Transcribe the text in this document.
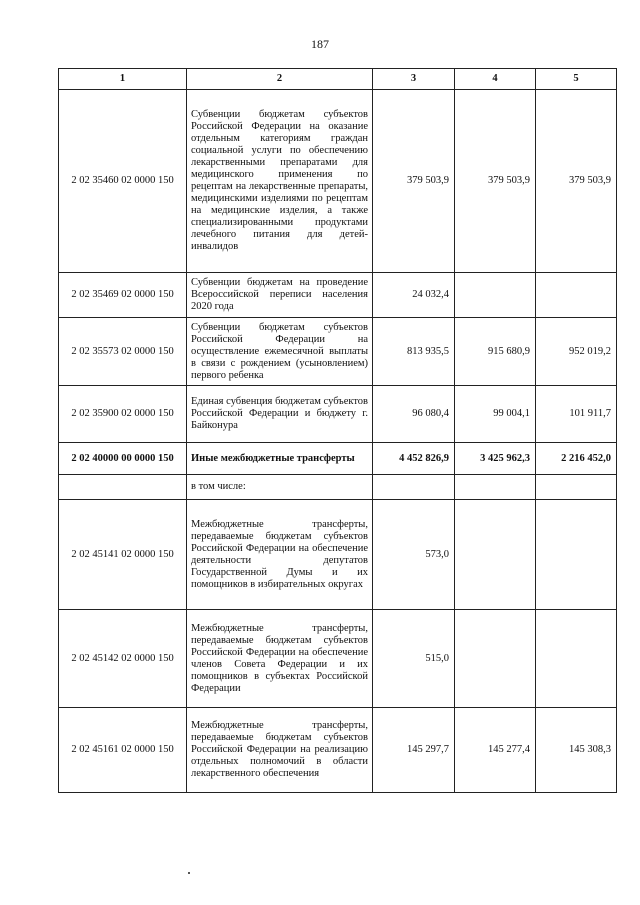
187
1	2	3	4	5
2 02 35460 02 0000 150	Субвенции бюджетам субъектов Российской Федерации на оказание отдельным категориям граждан социальной услуги по обеспечению лекарственными препаратами для медицинского применения по рецептам на лекарственные препараты, медицинскими изделиями по рецептам на медицинские изделия, а также специализированными продуктами лечебного питания для детей-инвалидов	379 503,9	379 503,9	379 503,9
2 02 35469 02 0000 150	Субвенции бюджетам на проведение Всероссийской переписи населения 2020 года	24 032,4		
2 02 35573 02 0000 150	Субвенции бюджетам субъектов Российской Федерации на осуществление ежемесячной выплаты в связи с рождением (усыновлением) первого ребенка	813 935,5	915 680,9	952 019,2
2 02 35900 02 0000 150	Единая субвенция бюджетам субъектов Российской Федерации и бюджету г. Байконура	96 080,4	99 004,1	101 911,7
2 02 40000 00 0000 150	Иные межбюджетные трансферты	4 452 826,9	3 425 962,3	2 216 452,0
	в том числе:			
2 02 45141 02 0000 150	Межбюджетные трансферты, передаваемые бюджетам субъектов Российской Федерации на обеспечение деятельности депутатов Государственной Думы и их помощников в избирательных округах	573,0		
2 02 45142 02 0000 150	Межбюджетные трансферты, передаваемые бюджетам субъектов Российской Федерации на обеспечение членов Совета Федерации и их помощников в субъектах Российской Федерации	515,0		
2 02 45161 02 0000 150	Межбюджетные трансферты, передаваемые бюджетам субъектов Российской Федерации на реализацию отдельных полномочий в области лекарственного обеспечения	145 297,7	145 277,4	145 308,3
